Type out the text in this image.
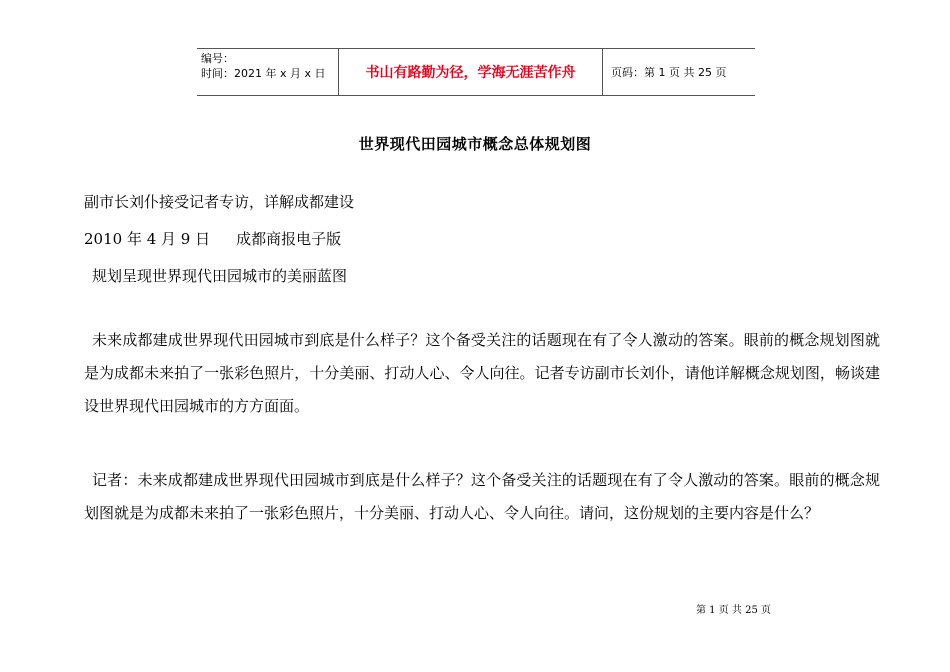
编号：
时间：2021 年 x 月 x 日	书山有路勤为径，学海无涯苦作舟	页码：第 1 页 共 25 页
世界现代田园城市概念总体规划图
副市长刘仆接受记者专访，详解成都建设
2010 年 4 月 9 日 成都商报电子版
规划呈现世界现代田园城市的美丽蓝图
未来成都建成世界现代田园城市到底是什么样子？这个备受关注的话题现在有了令人激动的答案。眼前的概念规划图就是为成都未来拍了一张彩色照片，十分美丽、打动人心、令人向往。记者专访副市长刘仆，请他详解概念规划图，畅谈建设世界现代田园城市的方方面面。
记者：未来成都建成世界现代田园城市到底是什么样子？这个备受关注的话题现在有了令人激动的答案。眼前的概念规划图就是为成都未来拍了一张彩色照片，十分美丽、打动人心、令人向往。请问，这份规划的主要内容是什么？
第 1 页 共 25 页
